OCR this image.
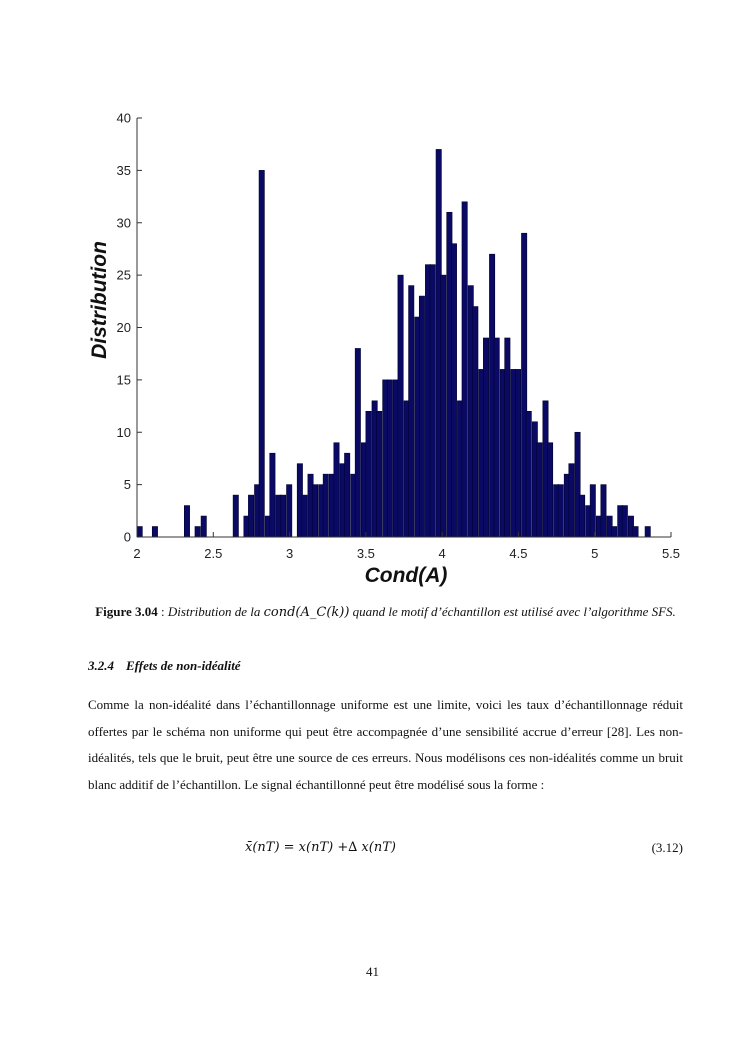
0
5
10
15
20
25
30
35
40
2	2.5	3	3.5	4	4.5	5	5.5
Distribution
Cond(A)
Figure 3.04 : Distribution de la cond(A_C(k)) quand le motif d’échantillon est utilisé avec l’algorithme SFS.
3.2.4 Effets de non-idéalité

Comme la non-idéalité dans l’échantillonnage uniforme est une limite, voici les taux d’échantillonnage réduit offertes par le schéma non uniforme qui peut être accompagnée d’une sensibilité accrue d’erreur [28]. Les non-idéalités, tels que le bruit, peut être une source de ces erreurs. Nous modélisons ces non-idéalités comme un bruit blanc additif de l’échantillon. Le signal échantillonné peut être modélisé sous la forme :

x̄(nT) = x(nT) +∆ x(nT)	(3.12)
41
